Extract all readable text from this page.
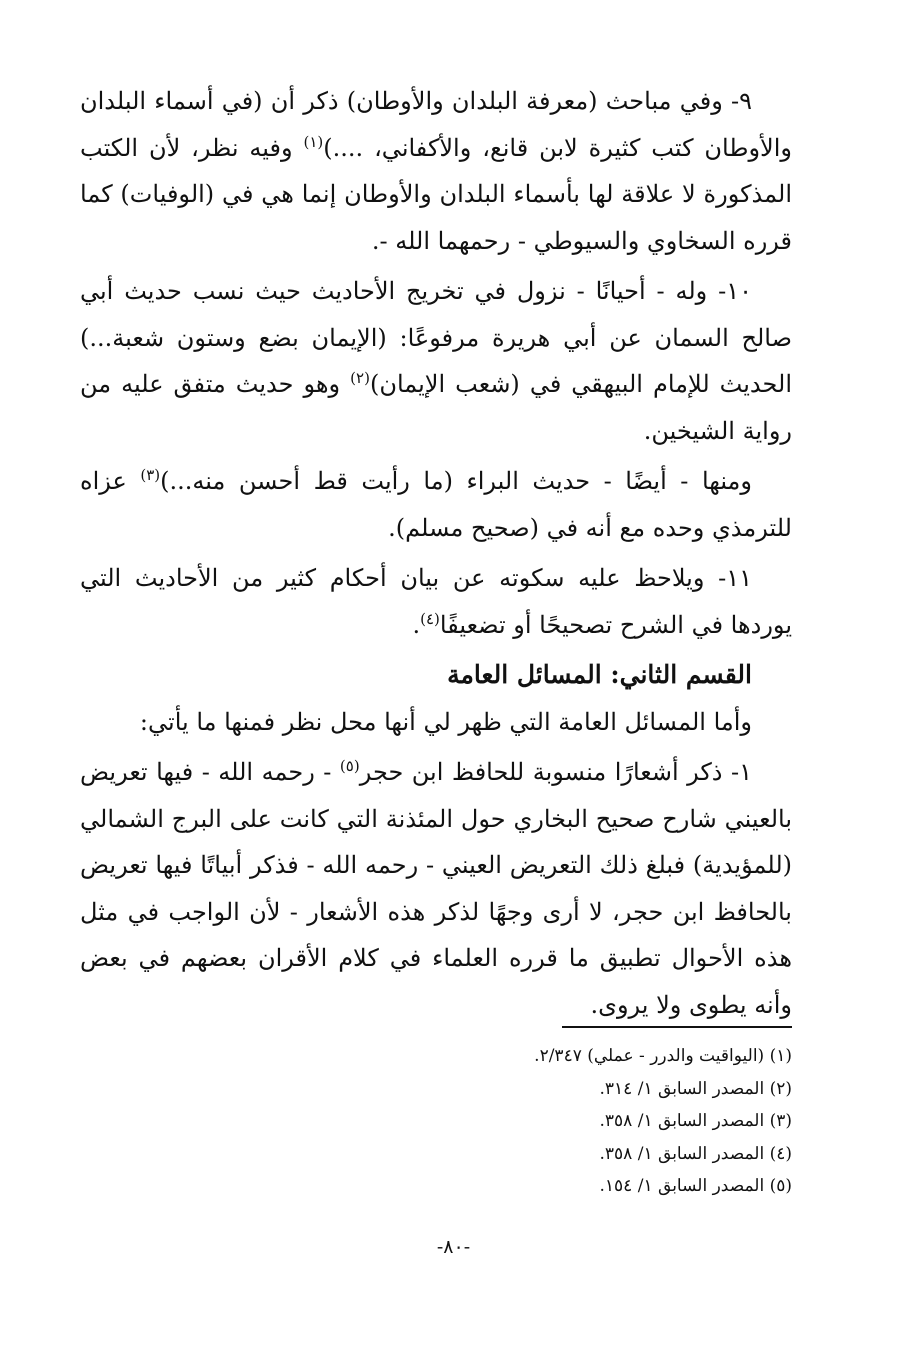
٩- وفي مباحث (معرفة البلدان والأوطان) ذكر أن (في أسماء البلدان والأوطان كتب كثيرة لابن قانع، والأكفاني، ....)$^{(١)}$ وفيه نظر، لأن الكتب المذكورة لا علاقة لها بأسماء البلدان والأوطان إنما هي في (الوفيات) كما قرره السخاوي والسيوطي - رحمهما الله -.

١٠- وله - أحيانًا - نزول في تخريج الأحاديث حيث نسب حديث أبي صالح السمان عن أبي هريرة مرفوعًا: (الإيمان بضع وستون شعبة...) الحديث للإمام البيهقي في (شعب الإيمان)$^{(٢)}$ وهو حديث متفق عليه من رواية الشيخين.

ومنها - أيضًا - حديث البراء (ما رأيت قط أحسن منه...)$^{(٣)}$ عزاه للترمذي وحده مع أنه في (صحيح مسلم).

١١- ويلاحظ عليه سكوته عن بيان أحكام كثير من الأحاديث التي يوردها في الشرح تصحيحًا أو تضعيفًا$^{(٤)}$.

القسم الثاني: المسائل العامة

وأما المسائل العامة التي ظهر لي أنها محل نظر فمنها ما يأتي:

١- ذكر أشعارًا منسوبة للحافظ ابن حجر$^{(٥)}$ - رحمه الله - فيها تعريض بالعيني شارح صحيح البخاري حول المئذنة التي كانت على البرج الشمالي (للمؤيدية) فبلغ ذلك التعريض العيني - رحمه الله - فذكر أبياتًا فيها تعريض بالحافظ ابن حجر، لا أرى وجهًا لذكر هذه الأشعار - لأن الواجب في مثل هذه الأحوال تطبيق ما قرره العلماء في كلام الأقران بعضهم في بعض وأنه يطوى ولا يروى.

(١) (اليواقيت والدرر - عملي) ٢/٣٤٧.
(٢) المصدر السابق ١/ ٣١٤.
(٣) المصدر السابق ١/ ٣٥٨.
(٤) المصدر السابق ١/ ٣٥٨.
(٥) المصدر السابق ١/ ١٥٤.
-٨٠-
